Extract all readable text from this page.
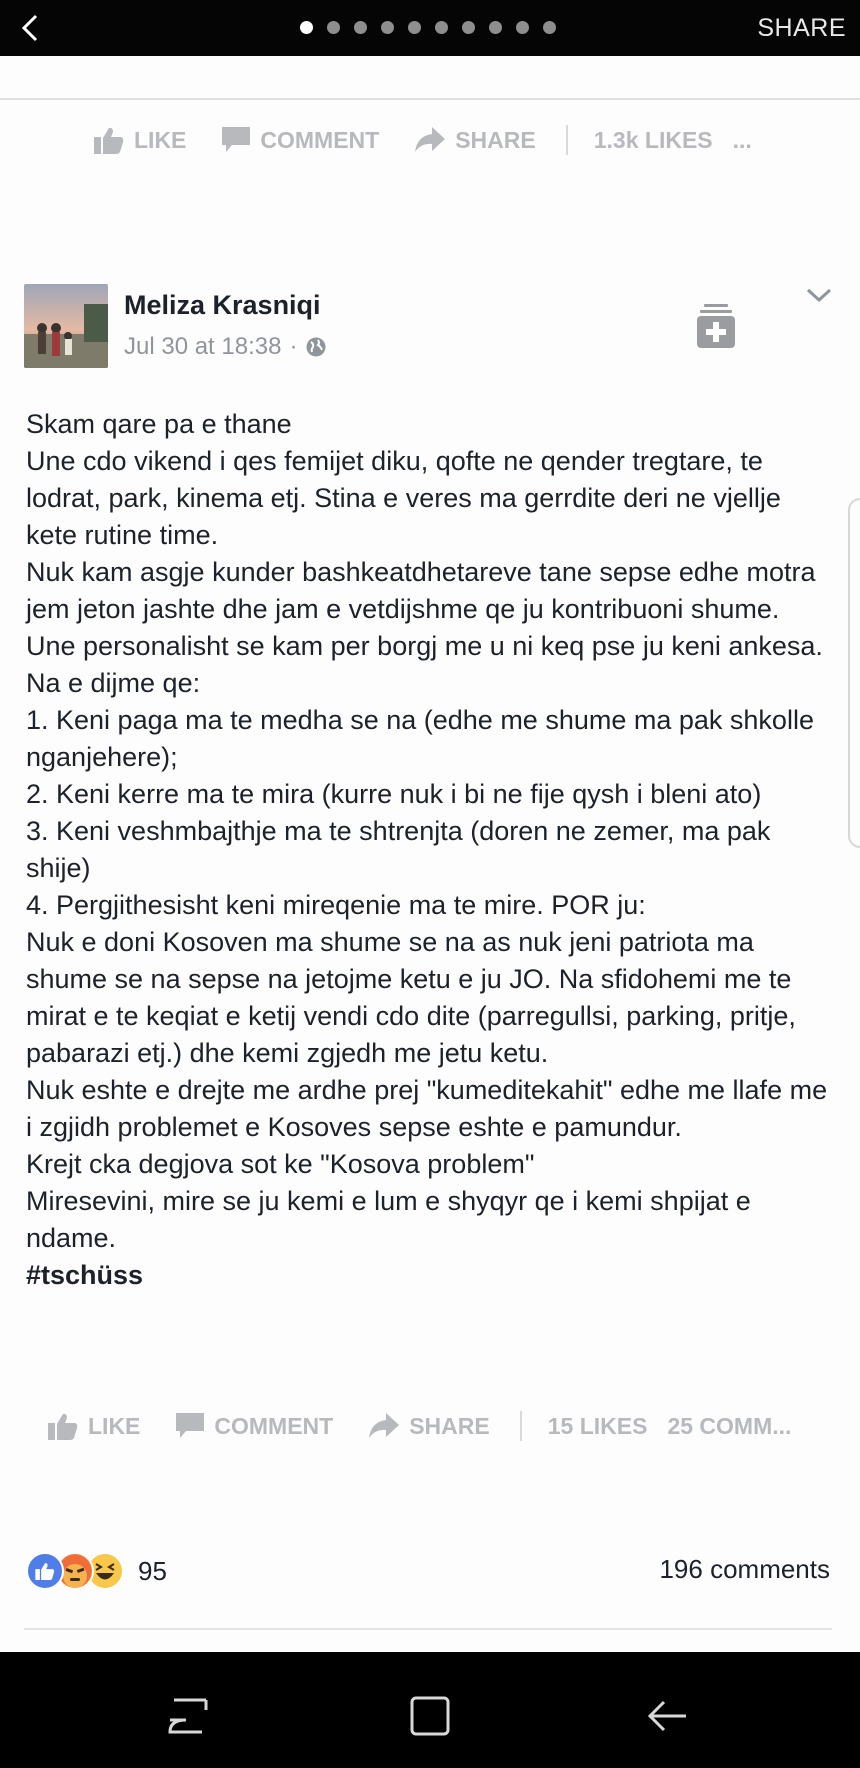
SHARE
LIKE	COMMENT	SHARE	1.3k LIKES ...
Meliza Krasniqi
Jul 30 at 18:38 ·

Skam qare pa e thane

Une cdo vikend i qes femijet diku, qofte ne qender tregtare, te lodrat, park, kinema etj. Stina e veres ma gerrdite deri ne vjellje kete rutine time.

Nuk kam asgje kunder bashkeatdhetareve tane sepse edhe motra jem jeton jashte dhe jam e vetdijshme qe ju kontribuoni shume. Une personalisht se kam per borgj me u ni keq pse ju keni ankesa.

Na e dijme qe:

1. Keni paga ma te medha se na (edhe me shume ma pak shkolle nganjehere);

2. Keni kerre ma te mira (kurre nuk i bi ne fije qysh i bleni ato)

3. Keni veshmbajthje ma te shtrenjta (doren ne zemer, ma pak shije)

4. Pergjithesisht keni mireqenie ma te mire. POR ju:

Nuk e doni Kosoven ma shume se na as nuk jeni patriota ma shume se na sepse na jetojme ketu e ju JO. Na sfidohemi me te mirat e te keqiat e ketij vendi cdo dite (parregullsi, parking, pritje, pabarazi etj.) dhe kemi zgjedh me jetu ketu.

Nuk eshte e drejte me ardhe prej "kumeditekahit" edhe me llafe me i zgjidh problemet e Kosoves sepse eshte e pamundur.

Krejt cka degjova sot ke "Kosova problem"

Miresevini, mire se ju kemi e lum e shyqyr qe i kemi shpijat e ndame.

#tschüss

LIKE	COMMENT	SHARE	15 LIKES 25 COMM...
95	196 comments
